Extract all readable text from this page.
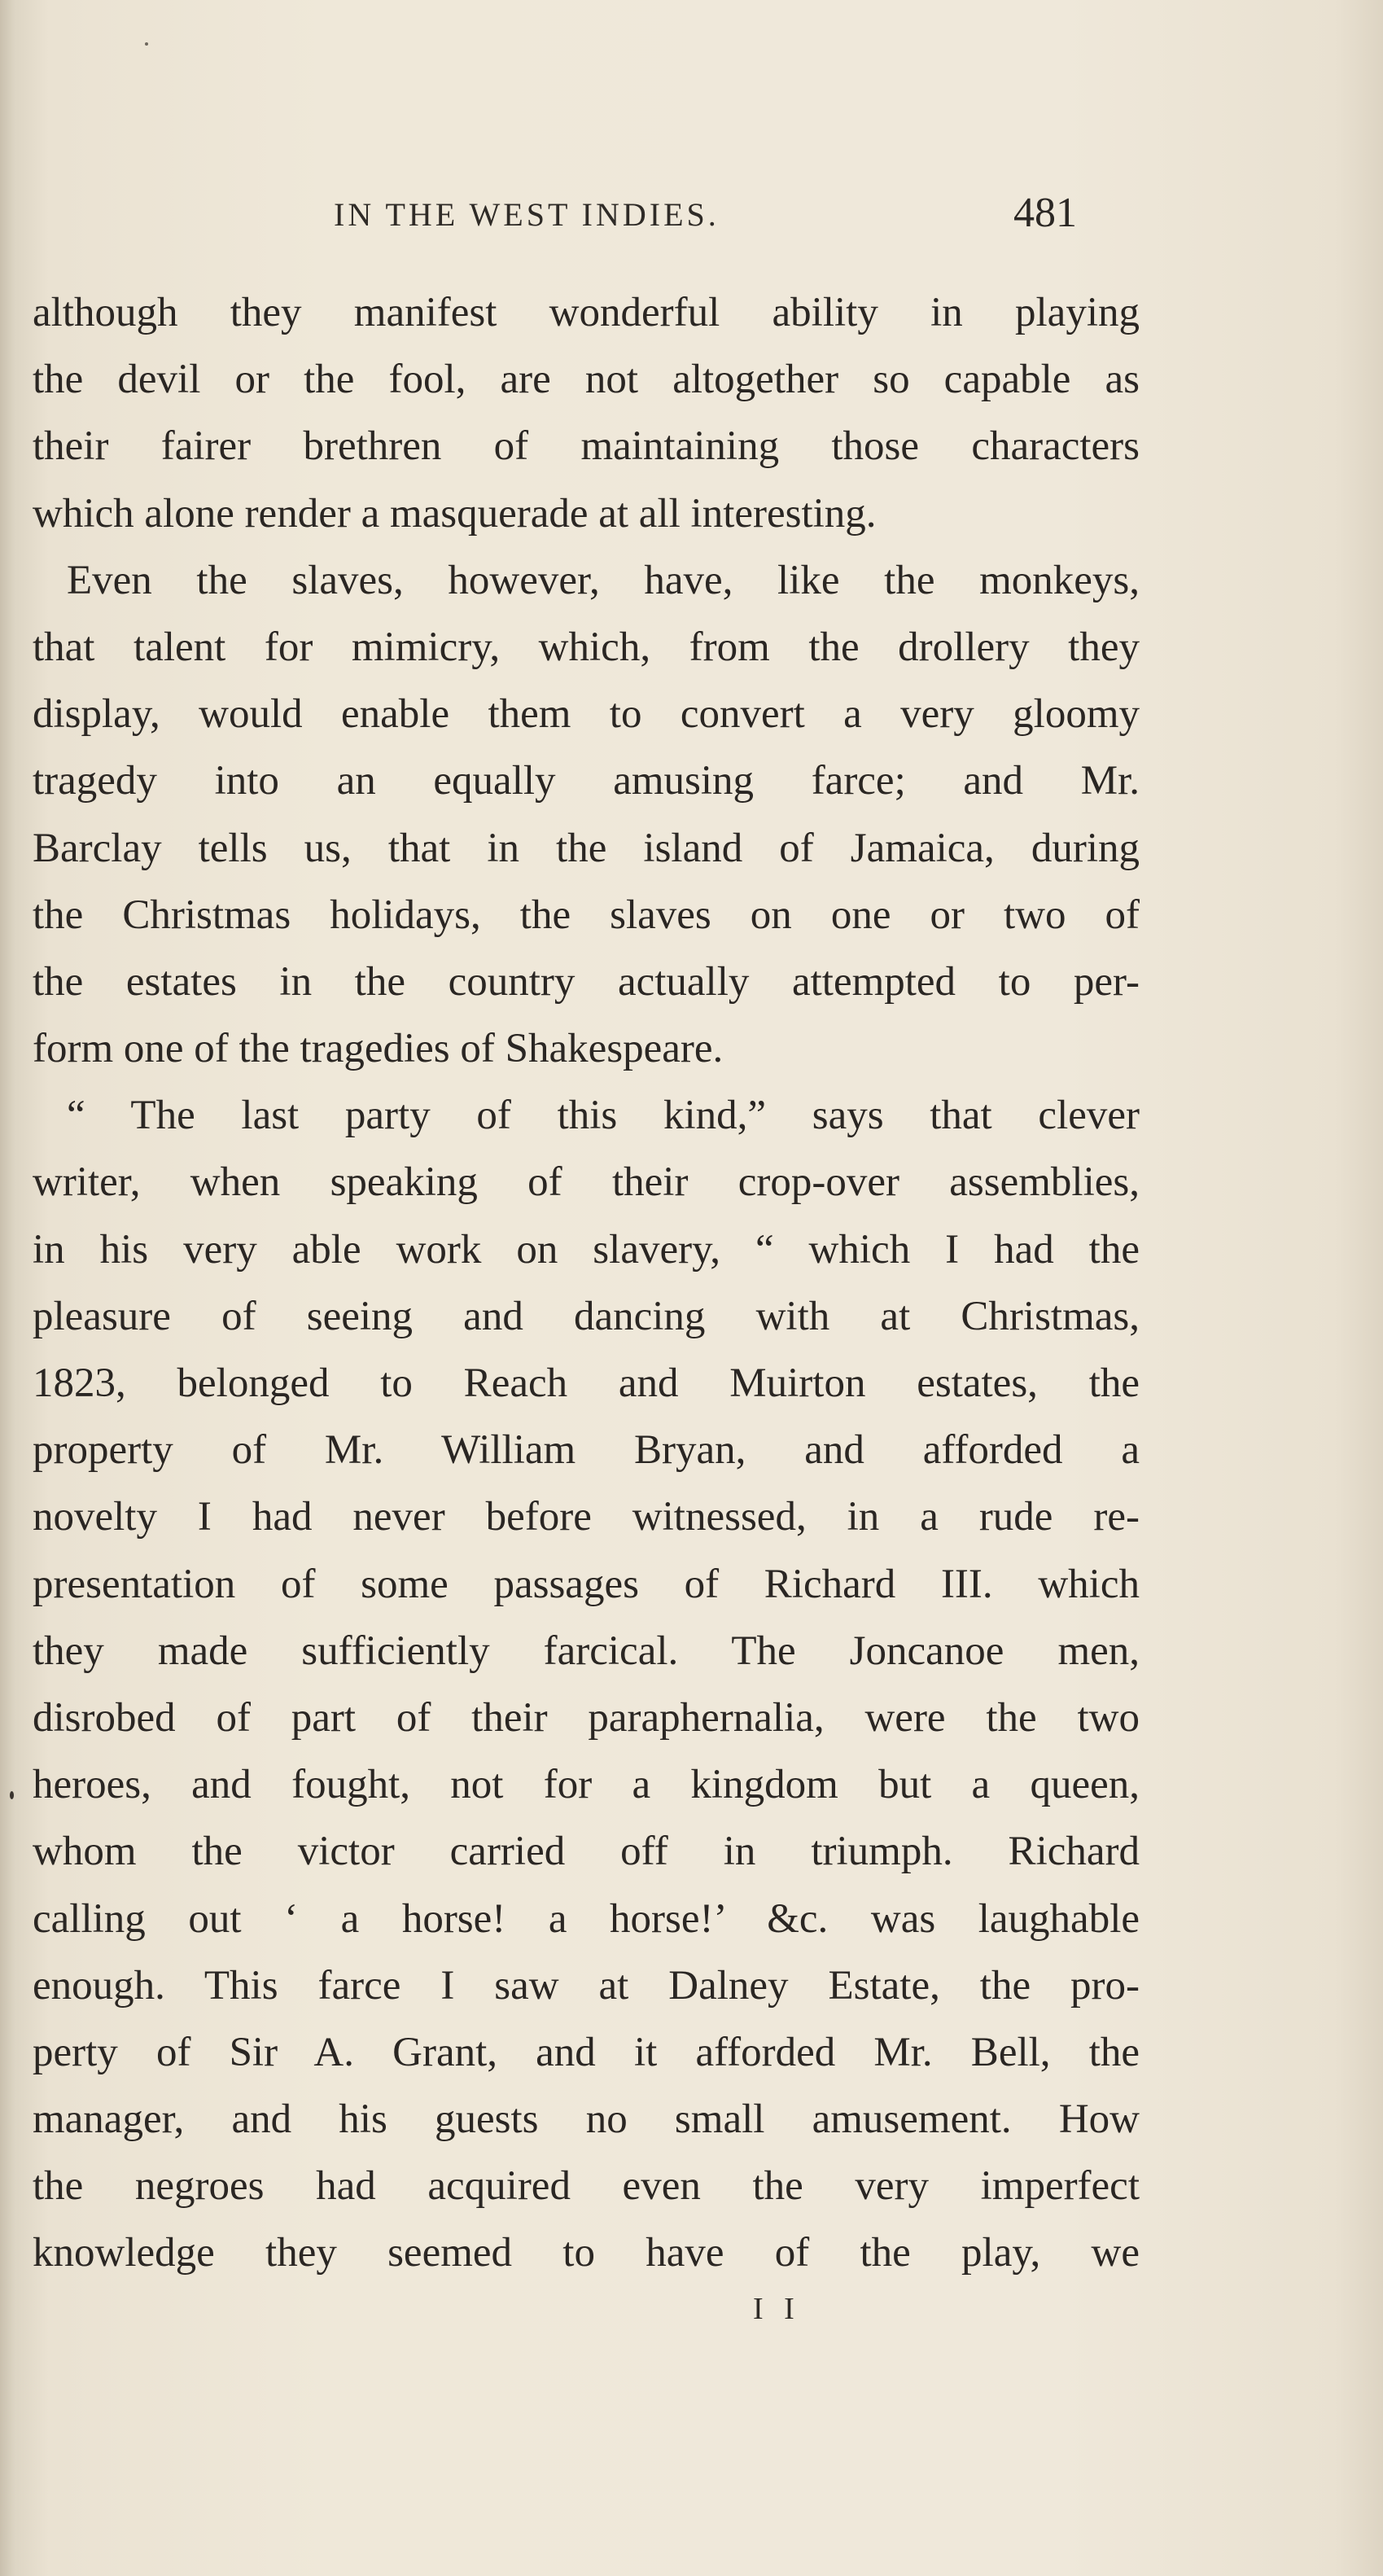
IN THE WEST INDIES.	481
although they manifest wonderful ability in playing
the devil or the fool, are not altogether so capable as
their fairer brethren of maintaining those characters
which alone render a masquerade at all interesting.
Even the slaves, however, have, like the monkeys,
that talent for mimicry, which, from the drollery they
display, would enable them to convert a very gloomy
tragedy into an equally amusing farce; and Mr.
Barclay tells us, that in the island of Jamaica, during
the Christmas holidays, the slaves on one or two of
the estates in the country actually attempted to per-
form one of the tragedies of Shakespeare.
“ The last party of this kind,” says that clever
writer, when speaking of their crop-over assemblies,
in his very able work on slavery, “ which I had the
pleasure of seeing and dancing with at Christmas,
1823, belonged to Reach and Muirton estates, the
property of Mr. William Bryan, and afforded a
novelty I had never before witnessed, in a rude re-
presentation of some passages of Richard III. which
they made sufficiently farcical. The Joncanoe men,
disrobed of part of their paraphernalia, were the two
heroes, and fought, not for a kingdom but a queen,
whom the victor carried off in triumph. Richard
calling out ‘ a horse! a horse!’ &c. was laughable
enough. This farce I saw at Dalney Estate, the pro-
perty of Sir A. Grant, and it afforded Mr. Bell, the
manager, and his guests no small amusement. How
the negroes had acquired even the very imperfect
knowledge they seemed to have of the play, we
I I
